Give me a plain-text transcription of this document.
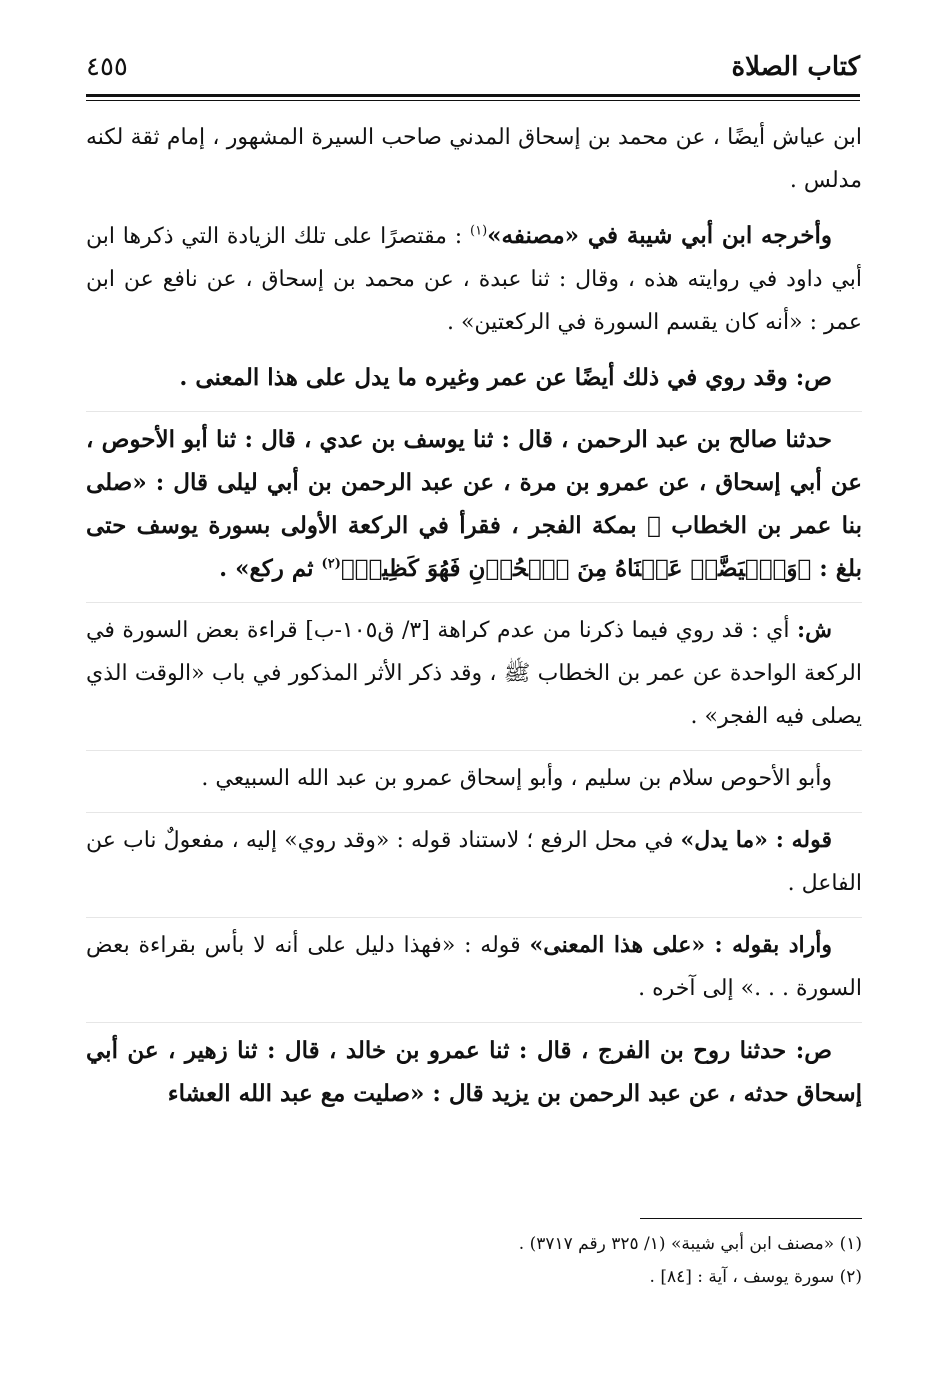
كتاب الصلاة
٤٥٥

ابن عياش أيضًا ، عن محمد بن إسحاق المدني صاحب السيرة المشهور ، إمام ثقة لكنه مدلس .

وأخرجه ابن أبي شيبة في «مصنفه»$^{(١)}$ : مقتصرًا على تلك الزيادة التي ذكرها ابن أبي داود في روايته هذه ، وقال : ثنا عبدة ، عن محمد بن إسحاق ، عن نافع عن ابن عمر : «أنه كان يقسم السورة في الركعتين» .

ص: وقد روي في ذلك أيضًا عن عمر وغيره ما يدل على هذا المعنى .

حدثنا صالح بن عبد الرحمن ، قال : ثنا يوسف بن عدي ، قال : ثنا أبو الأحوص ، عن أبي إسحاق ، عن عمرو بن مرة ، عن عبد الرحمن بن أبي ليلى قال : «صلى بنا عمر بن الخطاب ﷺ بمكة الفجر ، فقرأ في الركعة الأولى بسورة يوسف حتى بلغ : ﴿وَٱبۡيَضَّتۡ عَيۡنَاهُ مِنَ ٱلۡحُزۡنِ فَهُوَ كَظِيمٞ﴾$^{(٢)}$ ثم ركع» .

ش: أي : قد روي فيما ذكرنا من عدم كراهة [٣/ ق١٠٥-ب] قراءة بعض السورة في الركعة الواحدة عن عمر بن الخطاب ﷺ ، وقد ذكر الأثر المذكور في باب «الوقت الذي يصلى فيه الفجر» .

وأبو الأحوص سلام بن سليم ، وأبو إسحاق عمرو بن عبد الله السبيعي .

قوله : «ما يدل» في محل الرفع ؛ لاستناد قوله : «وقد روي» إليه ، مفعولٌ ناب عن الفاعل .

وأراد بقوله : «على هذا المعنى» قوله : «فهذا دليل على أنه لا بأس بقراءة بعض السورة . . .» إلى آخره .

ص: حدثنا روح بن الفرج ، قال : ثنا عمرو بن خالد ، قال : ثنا زهير ، عن أبي إسحاق حدثه ، عن عبد الرحمن بن يزيد قال : «صليت مع عبد الله العشاء

(١) «مصنف ابن أبي شيبة» (١/ ٣٢٥ رقم ٣٧١٧) .
(٢) سورة يوسف ، آية : [٨٤] .
